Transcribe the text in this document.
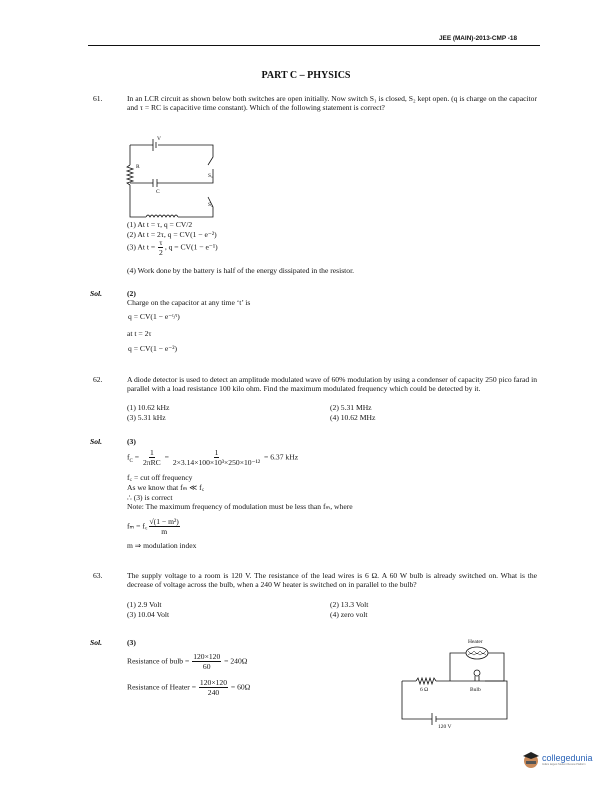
JEE (MAIN)-2013-CMP -18
PART C – PHYSICS
61.	In an LCR circuit as shown below both switches are open initially. Now switch S₁ is closed, S₂ kept open. (q is charge on the capacitor and τ = RC is capacitive time constant). Which of the following statement is correct?
V
R
C
S₁
S₂
(1) At t = τ, q = CV/2
(2) At t = 2τ, q = CV(1 − e⁻²)
(3) At $t = \frac{\tau}{2}$ , q = CV(1 − e⁻¹)
(4) Work done by the battery is half of the energy dissipated in the resistor.
Sol.	(2)
Charge on the capacitor at any time ‘t’ is
q = CV(1 − e⁻ᵗ/ᵗ)
at t = 2τ
q = CV(1 − e⁻²)
62.	A diode detector is used to detect an amplitude modulated wave of 60% modulation by using a condenser of capacity 250 pico farad in parallel with a load resistance 100 kilo ohm. Find the maximum modulated frequency which could be detected by it.
(1) 10.62 kHz	(2) 5.31 MHz
(3) 5.31 kHz	(4) 10.62 MHz
Sol.	(3)
$f_C = \frac{1}{\text{2πRC}} = \frac{1}{\text{2×3.14×100×10³×250×10⁻¹²}} = 6.37$ kHz
f꜀ = cut off frequency
As we know that fₘ ≪ f꜀
∴ (3) is correct
Note: The maximum frequency of modulation must be less than fₘ, where
fₘ = f꜀ $\frac{\text{√(1 − m²)}}{m}$
m ⇒ modulation index
63.	The supply voltage to a room is 120 V. The resistance of the lead wires is 6 Ω. A 60 W bulb is already switched on. What is the decrease of voltage across the bulb, when a 240 W heater is switched on in parallel to the bulb?
(1) 2.9 Volt	(2) 13.3 Volt
(3) 10.04 Volt	(4) zero volt
Sol.	(3)
Resistance of bulb = $\frac{120\times 120}{60} = 240\Omega$
Resistance of Heater = $\frac{120\times 120}{240} = 60\Omega$
Heater
Bulb
6 Ω
120 V
collegedunia
India's largest Student Review Platform
